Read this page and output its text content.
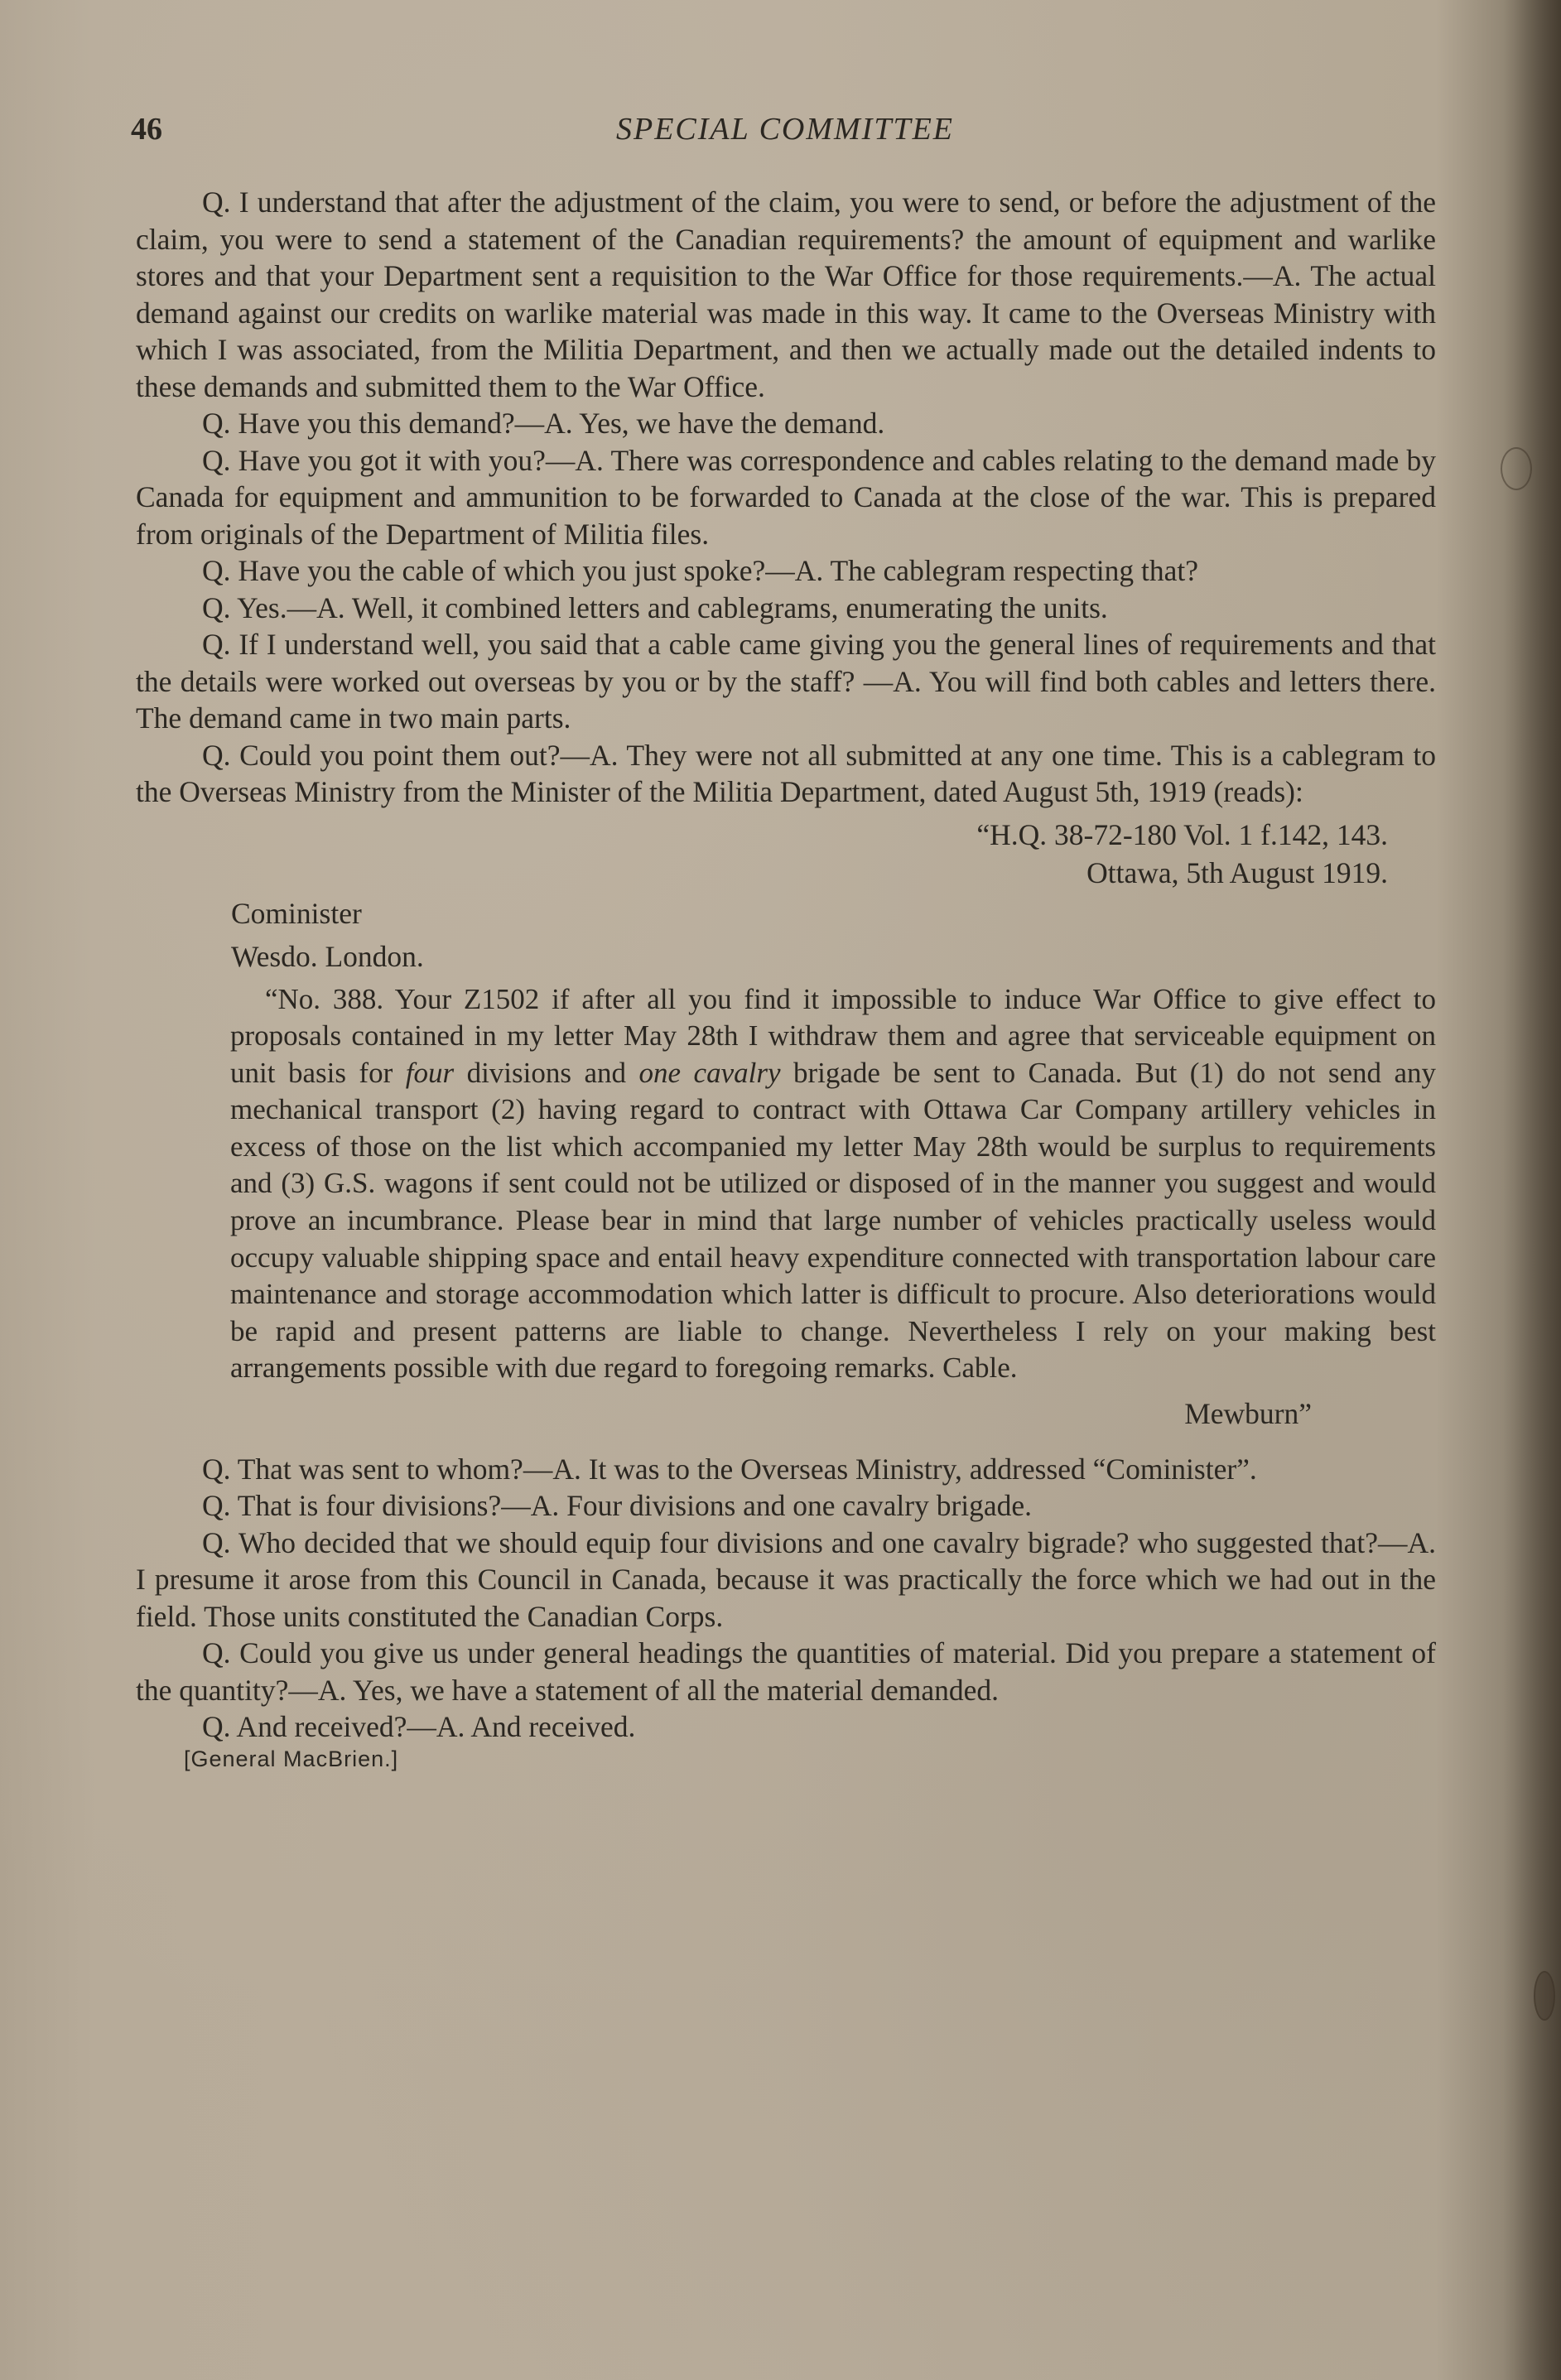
46	SPECIAL COMMITTEE

Q. I understand that after the adjustment of the claim, you were to send, or before the adjustment of the claim, you were to send a statement of the Canadian requirements? the amount of equipment and warlike stores and that your Department sent a requisition to the War Office for those requirements.—A. The actual demand against our credits on warlike material was made in this way. It came to the Overseas Ministry with which I was associated, from the Militia Department, and then we actually made out the detailed indents to these demands and submitted them to the War Office.

Q. Have you this demand?—A. Yes, we have the demand.

Q. Have you got it with you?—A. There was correspondence and cables relating to the demand made by Canada for equipment and ammunition to be forwarded to Canada at the close of the war. This is prepared from originals of the Department of Militia files.

Q. Have you the cable of which you just spoke?—A. The cablegram respecting that?

Q. Yes.—A. Well, it combined letters and cablegrams, enumerating the units.

Q. If I understand well, you said that a cable came giving you the general lines of requirements and that the details were worked out overseas by you or by the staff? —A. You will find both cables and letters there. The demand came in two main parts.

Q. Could you point them out?—A. They were not all submitted at any one time. This is a cablegram to the Overseas Ministry from the Minister of the Militia Department, dated August 5th, 1919 (reads):

“H.Q. 38-72-180 Vol. 1 f.142, 143.
Ottawa, 5th August 1919.
Cominister
Wesdo. London.

“No. 388. Your Z1502 if after all you find it impossible to induce War Office to give effect to proposals contained in my letter May 28th I withdraw them and agree that serviceable equipment on unit basis for four divisions and one cavalry brigade be sent to Canada. But (1) do not send any mechanical transport (2) having regard to contract with Ottawa Car Company artillery vehicles in excess of those on the list which accompanied my letter May 28th would be surplus to requirements and (3) G.S. wagons if sent could not be utilized or disposed of in the manner you suggest and would prove an incumbrance. Please bear in mind that large number of vehicles practically useless would occupy valuable shipping space and entail heavy expenditure connected with transportation labour care maintenance and storage accommodation which latter is difficult to procure. Also deteriorations would be rapid and present patterns are liable to change. Nevertheless I rely on your making best arrangements possible with due regard to foregoing remarks. Cable.

Mewburn”

Q. That was sent to whom?—A. It was to the Overseas Ministry, addressed “Cominister”.

Q. That is four divisions?—A. Four divisions and one cavalry brigade.

Q. Who decided that we should equip four divisions and one cavalry bigrade? who suggested that?—A. I presume it arose from this Council in Canada, because it was practically the force which we had out in the field. Those units constituted the Canadian Corps.

Q. Could you give us under general headings the quantities of material. Did you prepare a statement of the quantity?—A. Yes, we have a statement of all the material demanded.

Q. And received?—A. And received.

[General MacBrien.]
